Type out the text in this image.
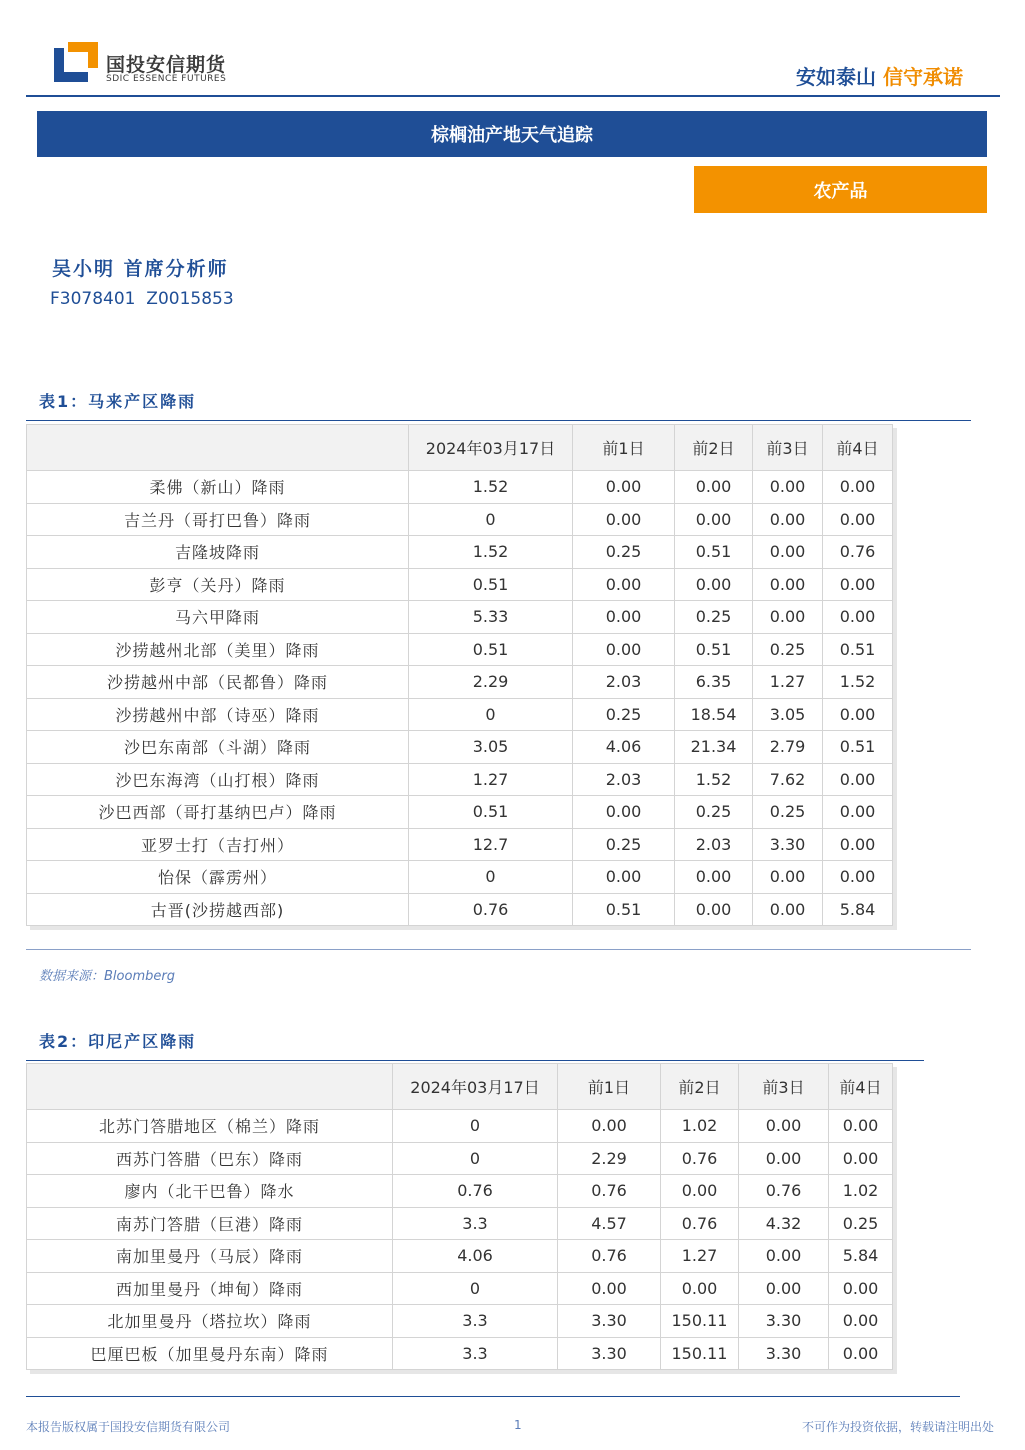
国投安信期货
SDIC ESSENCE FUTURES	安如泰山 信守承诺
棕榈油产地天气追踪
农产品
吴小明 首席分析师
F3078401  Z0015853
表1：马来产区降雨
	2024年03月17日	前1日	前2日	前3日	前4日
柔佛（新山）降雨	1.52	0.00	0.00	0.00	0.00
吉兰丹（哥打巴鲁）降雨	0	0.00	0.00	0.00	0.00
吉隆坡降雨	1.52	0.25	0.51	0.00	0.76
彭亨（关丹）降雨	0.51	0.00	0.00	0.00	0.00
马六甲降雨	5.33	0.00	0.25	0.00	0.00
沙捞越州北部（美里）降雨	0.51	0.00	0.51	0.25	0.51
沙捞越州中部（民都鲁）降雨	2.29	2.03	6.35	1.27	1.52
沙捞越州中部（诗巫）降雨	0	0.25	18.54	3.05	0.00
沙巴东南部（斗湖）降雨	3.05	4.06	21.34	2.79	0.51
沙巴东海湾（山打根）降雨	1.27	2.03	1.52	7.62	0.00
沙巴西部（哥打基纳巴卢）降雨	0.51	0.00	0.25	0.25	0.00
亚罗士打（吉打州）	12.7	0.25	2.03	3.30	0.00
怡保（霹雳州）	0	0.00	0.00	0.00	0.00
古晋(沙捞越西部)	0.76	0.51	0.00	0.00	5.84
数据来源：Bloomberg
表2：印尼产区降雨
	2024年03月17日	前1日	前2日	前3日	前4日
北苏门答腊地区（棉兰）降雨	0	0.00	1.02	0.00	0.00
西苏门答腊（巴东）降雨	0	2.29	0.76	0.00	0.00
廖内（北干巴鲁）降水	0.76	0.76	0.00	0.76	1.02
南苏门答腊（巨港）降雨	3.3	4.57	0.76	4.32	0.25
南加里曼丹（马辰）降雨	4.06	0.76	1.27	0.00	5.84
西加里曼丹（坤甸）降雨	0	0.00	0.00	0.00	0.00
北加里曼丹（塔拉坎）降雨	3.3	3.30	150.11	3.30	0.00
巴厘巴板（加里曼丹东南）降雨	3.3	3.30	150.11	3.30	0.00
本报告版权属于国投安信期货有限公司	1	不可作为投资依据，转载请注明出处
